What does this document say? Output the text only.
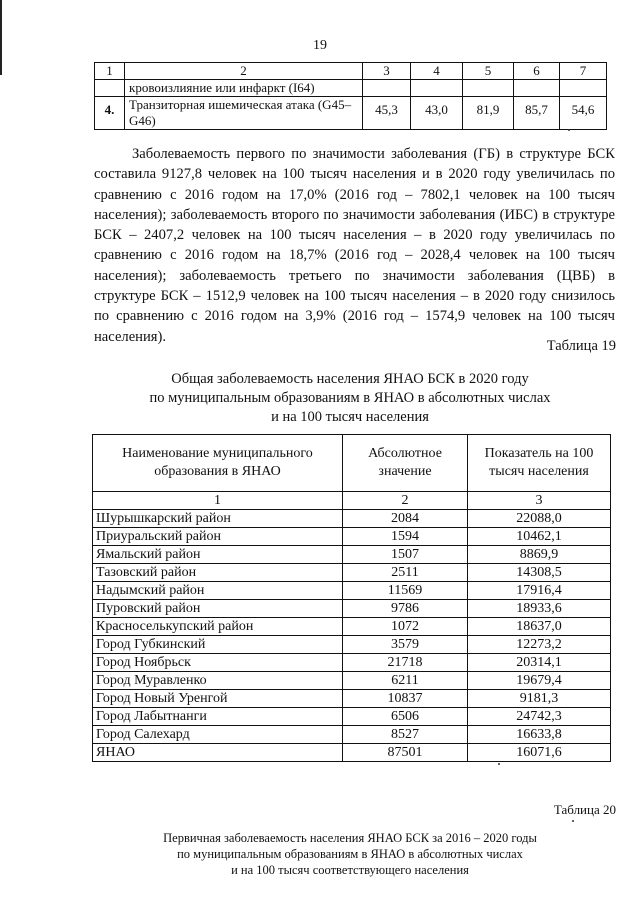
19
1	2	3	4	5	6	7
	кровоизлияние или инфаркт (I64)					
4.	Транзиторная ишемическая атака (G45–G46)	45,3	43,0	81,9	85,7	54,6

Заболеваемость первого по значимости заболевания (ГБ) в структуре БСК составила 9127,8 человек на 100 тысяч населения и в 2020 году увеличилась по сравнению с 2016 годом на 17,0% (2016 год – 7802,1 человек на 100 тысяч населения); заболеваемость второго по значимости заболевания (ИБС) в структуре БСК – 2407,2 человек на 100 тысяч населения – в 2020 году увеличилась по сравнению с 2016 годом на 18,7% (2016 год – 2028,4 человек на 100 тысяч населения); заболеваемость третьего по значимости заболевания (ЦВБ) в структуре БСК – 1512,9 человек на 100 тысяч населения – в 2020 году снизилось по сравнению с 2016 годом на 3,9% (2016 год – 1574,9 человек на 100 тысяч населения).

Таблица 19
Общая заболеваемость населения ЯНАО БСК в 2020 году
по муниципальным образованиям в ЯНАО в абсолютных числах
и на 100 тысяч населения
Наименование муниципального образования в ЯНАО	Абсолютное значение	Показатель на 100 тысяч населения
1	2	3
Шурышкарский район	2084	22088,0
Приуральский район	1594	10462,1
Ямальский район	1507	8869,9
Тазовский район	2511	14308,5
Надымский район	11569	17916,4
Пуровский район	9786	18933,6
Красноселькупский район	1072	18637,0
Город Губкинский	3579	12273,2
Город Ноябрьск	21718	20314,1
Город Муравленко	6211	19679,4
Город Новый Уренгой	10837	9181,3
Город Лабытнанги	6506	24742,3
Город Салехард	8527	16633,8
ЯНАО	87501	16071,6
Таблица 20
Первичная заболеваемость населения ЯНАО БСК за 2016 – 2020 годы
по муниципальным образованиям в ЯНАО в абсолютных числах
и на 100 тысяч соответствующего населения
